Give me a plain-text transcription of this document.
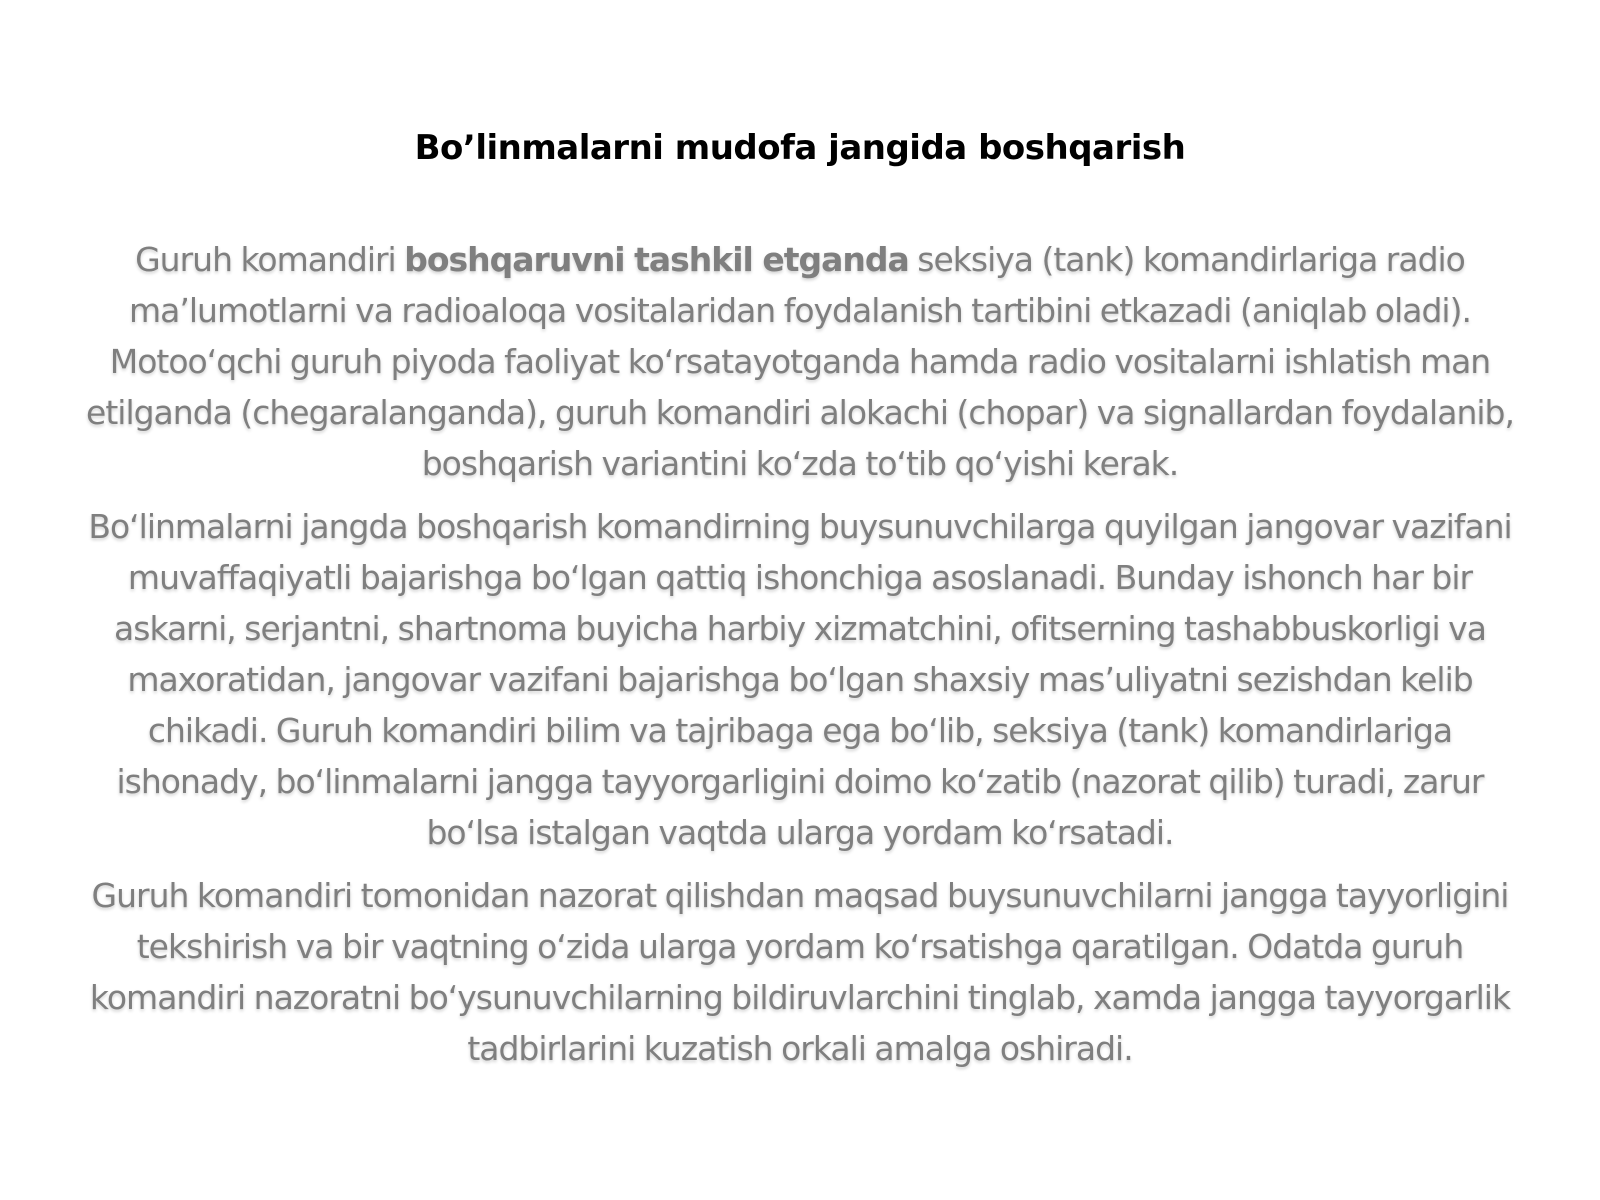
Bo’linmalarni mudofa jangida boshqarish

Guruh komandiri boshqaruvni tashkil etganda seksiya (tank) komandirlariga radio ma’lumotlarni va radioaloqa vositalaridan foydalanish tartibini etkazadi (aniqlab oladi). Motooʻqchi guruh piyoda faoliyat koʻrsatayotganda hamda radio vositalarni ishlatish man etilganda (chegaralanganda), guruh komandiri alokachi (chopar) va signallardan foydalanib, boshqarish variantini koʻzda toʻtib qoʻyishi kerak.

Boʻlinmalarni jangda boshqarish komandirning buysunuvchilarga quyilgan jangovar vazifani muvaffaqiyatli bajarishga boʻlgan qattiq ishonchiga asoslanadi. Bunday ishonch har bir askarni, serjantni, shartnoma buyicha harbiy xizmatchini, ofitserning tashabbuskorligi va maxoratidan, jangovar vazifani bajarishga boʻlgan shaxsiy mas’uliyatni sezishdan kelib chikadi. Guruh komandiri bilim va tajribaga ega boʻlib, seksiya (tank) komandirlariga ishonady, boʻlinmalarni jangga tayyorgarligini doimo koʻzatib (nazorat qilib) turadi, zarur boʻlsa istalgan vaqtda ularga yordam koʻrsatadi.

Guruh komandiri tomonidan nazorat qilishdan maqsad buysunuvchilarni jangga tayyorligini tekshirish va bir vaqtning oʻzida ularga yordam koʻrsatishga qaratilgan. Odatda guruh komandiri nazoratni boʻysunuvchilarning bildiruvlarchini tinglab, xamda jangga tayyorgarlik tadbirlarini kuzatish orkali amalga oshiradi.
